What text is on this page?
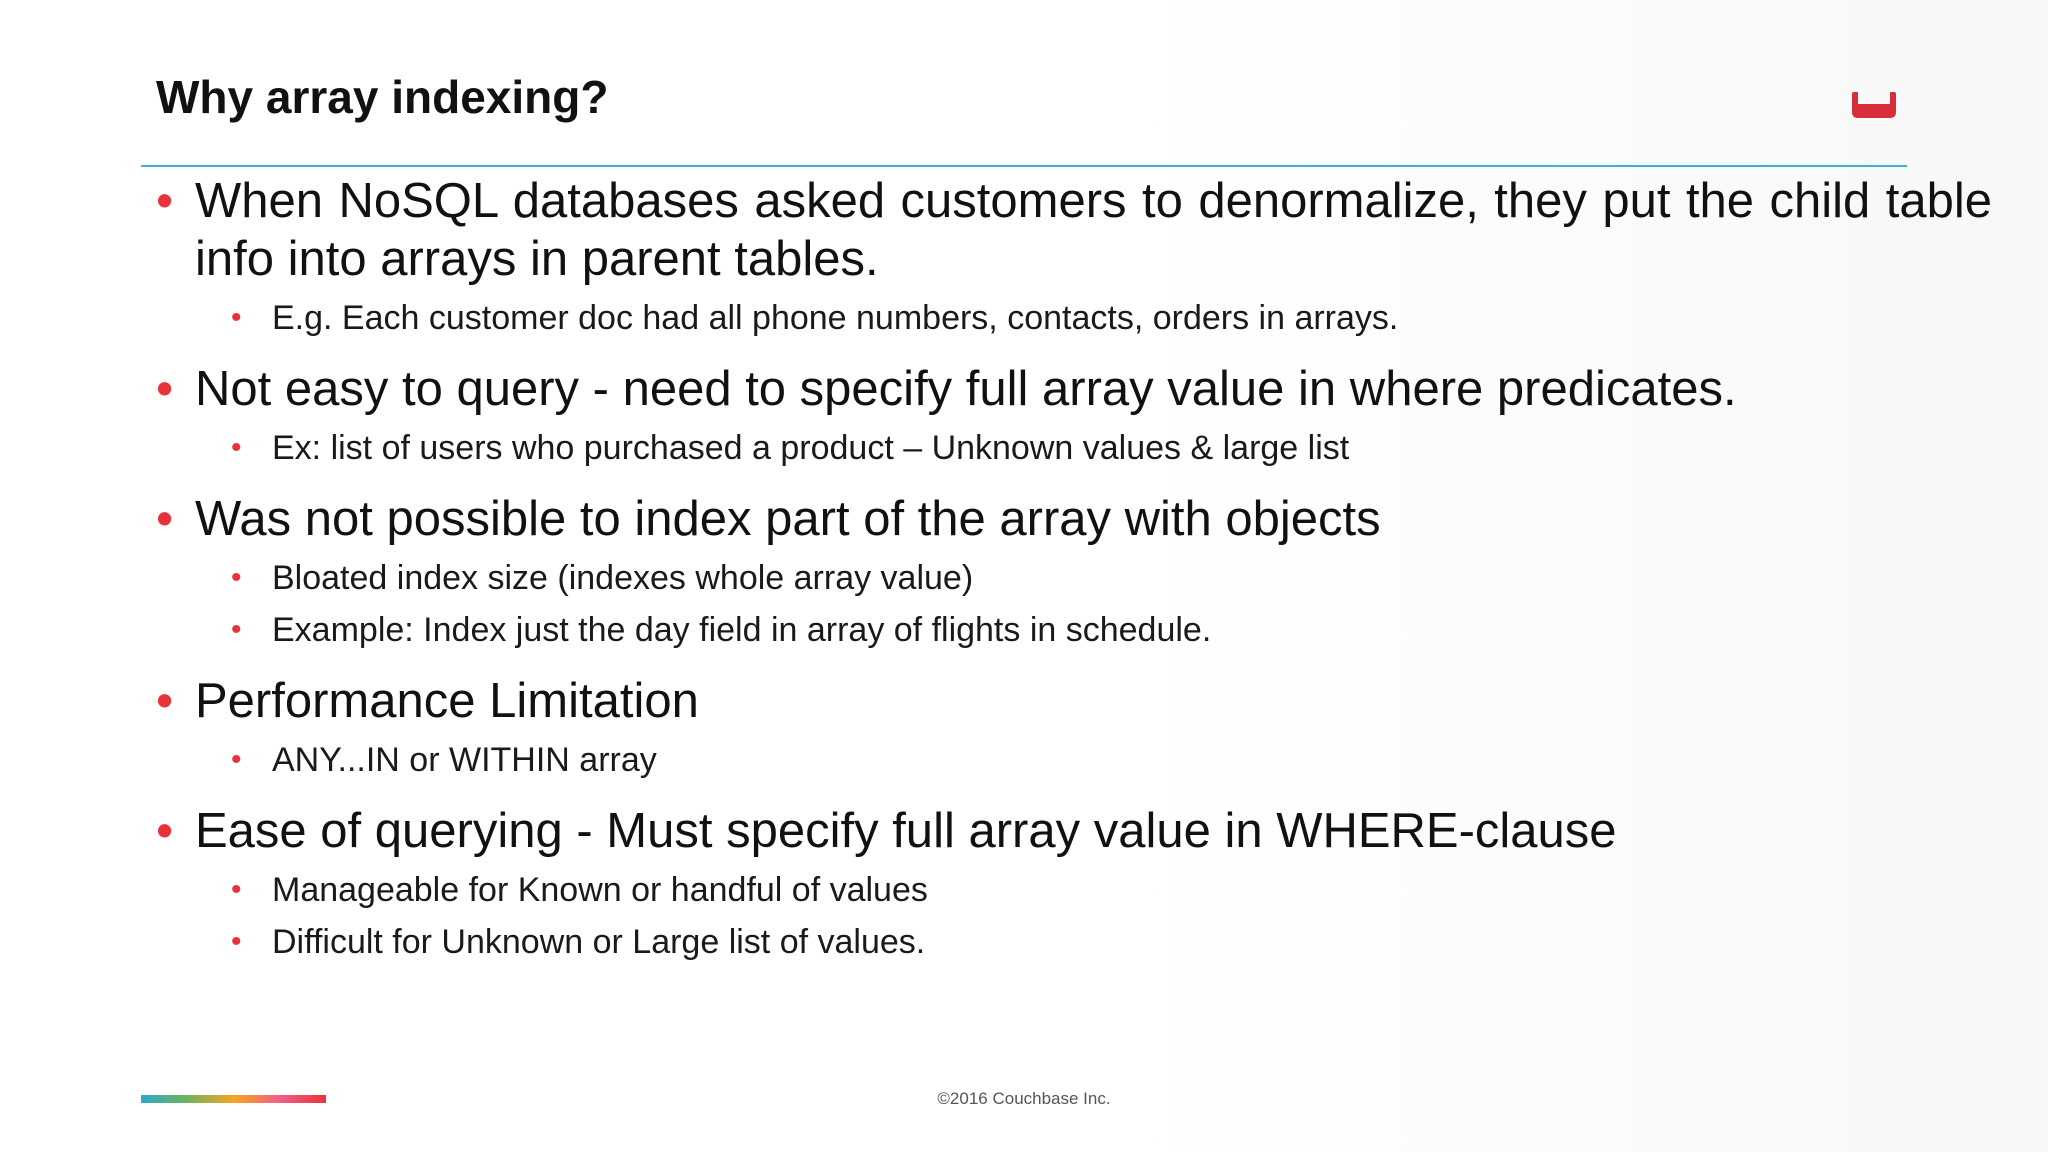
Why array indexing?
• When NoSQL databases asked customers to denormalize, they put the child table info into arrays in parent tables.
• E.g. Each customer doc had all phone numbers, contacts, orders in arrays.
• Not easy to query - need to specify full array value in where predicates.
• Ex: list of users who purchased a product – Unknown values & large list
• Was not possible to index part of the array with objects
• Bloated index size (indexes whole array value)
• Example: Index just the day field in array of flights in schedule.
• Performance Limitation
• ANY...IN or WITHIN array
• Ease of querying - Must specify full array value in WHERE-clause
• Manageable for Known or handful of values
• Difficult for Unknown or Large list of values.
©2016 Couchbase Inc.
